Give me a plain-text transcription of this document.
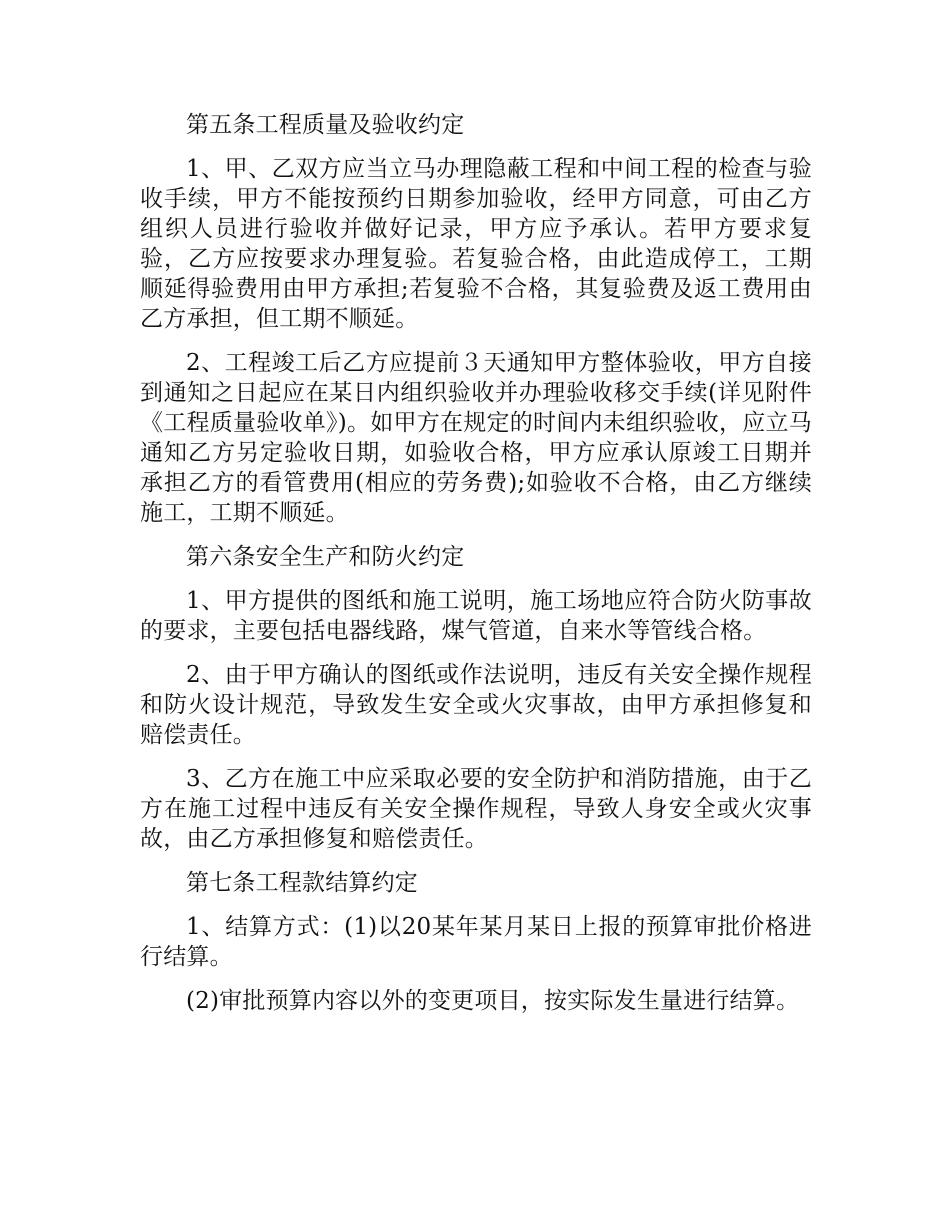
第五条工程质量及验收约定

1、甲、乙双方应当立马办理隐蔽工程和中间工程的检查与验收手续，甲方不能按预约日期参加验收，经甲方同意，可由乙方组织人员进行验收并做好记录，甲方应予承认。若甲方要求复验，乙方应按要求办理复验。若复验合格，由此造成停工，工期顺延得验费用由甲方承担;若复验不合格，其复验费及返工费用由乙方承担，但工期不顺延。

2、工程竣工后乙方应提前３天通知甲方整体验收，甲方自接到通知之日起应在某日内组织验收并办理验收移交手续(详见附件《工程质量验收单》)。如甲方在规定的时间内未组织验收，应立马通知乙方另定验收日期，如验收合格，甲方应承认原竣工日期并承担乙方的看管费用(相应的劳务费);如验收不合格，由乙方继续施工，工期不顺延。

第六条安全生产和防火约定

1、甲方提供的图纸和施工说明，施工场地应符合防火防事故的要求，主要包括电器线路，煤气管道，自来水等管线合格。

2、由于甲方确认的图纸或作法说明，违反有关安全操作规程和防火设计规范，导致发生安全或火灾事故，由甲方承担修复和赔偿责任。

3、乙方在施工中应采取必要的安全防护和消防措施，由于乙方在施工过程中违反有关安全操作规程，导致人身安全或火灾事故，由乙方承担修复和赔偿责任。

第七条工程款结算约定

1、结算方式：(1)以20某年某月某日上报的预算审批价格进行结算。

(2)审批预算内容以外的变更项目，按实际发生量进行结算。
